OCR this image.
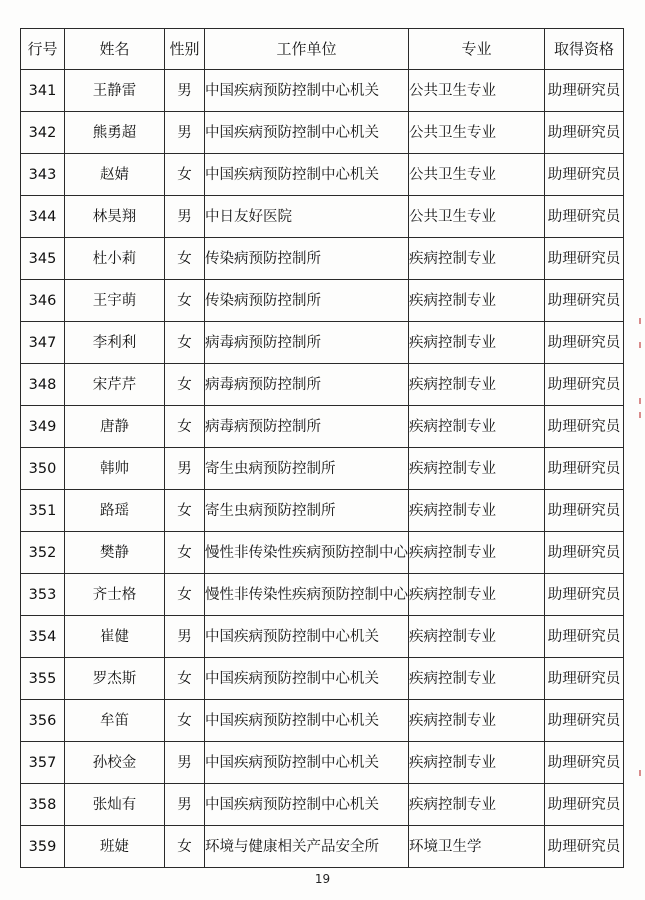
行号	姓名	性别	工作单位	专业	取得资格
341	王静雷	男	中国疾病预防控制中心机关	公共卫生专业	助理研究员
342	熊勇超	男	中国疾病预防控制中心机关	公共卫生专业	助理研究员
343	赵婧	女	中国疾病预防控制中心机关	公共卫生专业	助理研究员
344	林昊翔	男	中日友好医院	公共卫生专业	助理研究员
345	杜小莉	女	传染病预防控制所	疾病控制专业	助理研究员
346	王宇萌	女	传染病预防控制所	疾病控制专业	助理研究员
347	李利利	女	病毒病预防控制所	疾病控制专业	助理研究员
348	宋芹芹	女	病毒病预防控制所	疾病控制专业	助理研究员
349	唐静	女	病毒病预防控制所	疾病控制专业	助理研究员
350	韩帅	男	寄生虫病预防控制所	疾病控制专业	助理研究员
351	路瑶	女	寄生虫病预防控制所	疾病控制专业	助理研究员
352	樊静	女	慢性非传染性疾病预防控制中心	疾病控制专业	助理研究员
353	齐士格	女	慢性非传染性疾病预防控制中心	疾病控制专业	助理研究员
354	崔健	男	中国疾病预防控制中心机关	疾病控制专业	助理研究员
355	罗杰斯	女	中国疾病预防控制中心机关	疾病控制专业	助理研究员
356	牟笛	女	中国疾病预防控制中心机关	疾病控制专业	助理研究员
357	孙校金	男	中国疾病预防控制中心机关	疾病控制专业	助理研究员
358	张灿有	男	中国疾病预防控制中心机关	疾病控制专业	助理研究员
359	班婕	女	环境与健康相关产品安全所	环境卫生学	助理研究员
19
